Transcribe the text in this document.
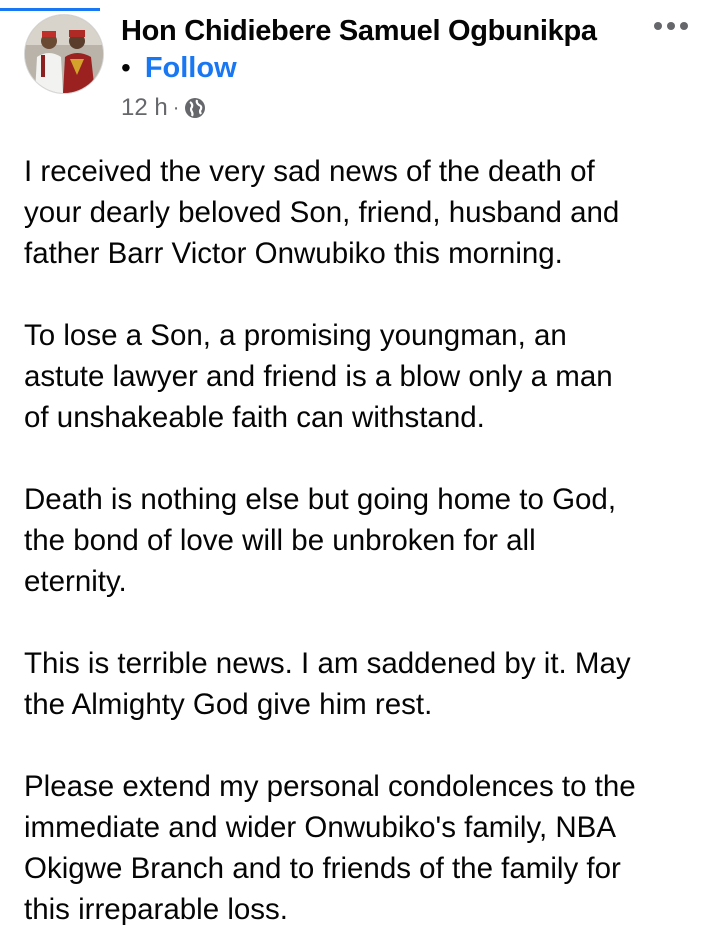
Hon Chidiebere Samuel Ogbunikpa
• Follow
12 h ·

I received the very sad news of the death of
your dearly beloved Son, friend, husband and
father Barr Victor Onwubiko this morning.

To lose a Son, a promising youngman, an
astute lawyer and friend is a blow only a man
of unshakeable faith can withstand.

Death is nothing else but going home to God,
the bond of love will be unbroken for all
eternity.

This is terrible news. I am saddened by it. May
the Almighty God give him rest.

Please extend my personal condolences to the
immediate and wider Onwubiko's family, NBA
Okigwe Branch and to friends of the family for
this irreparable loss.
